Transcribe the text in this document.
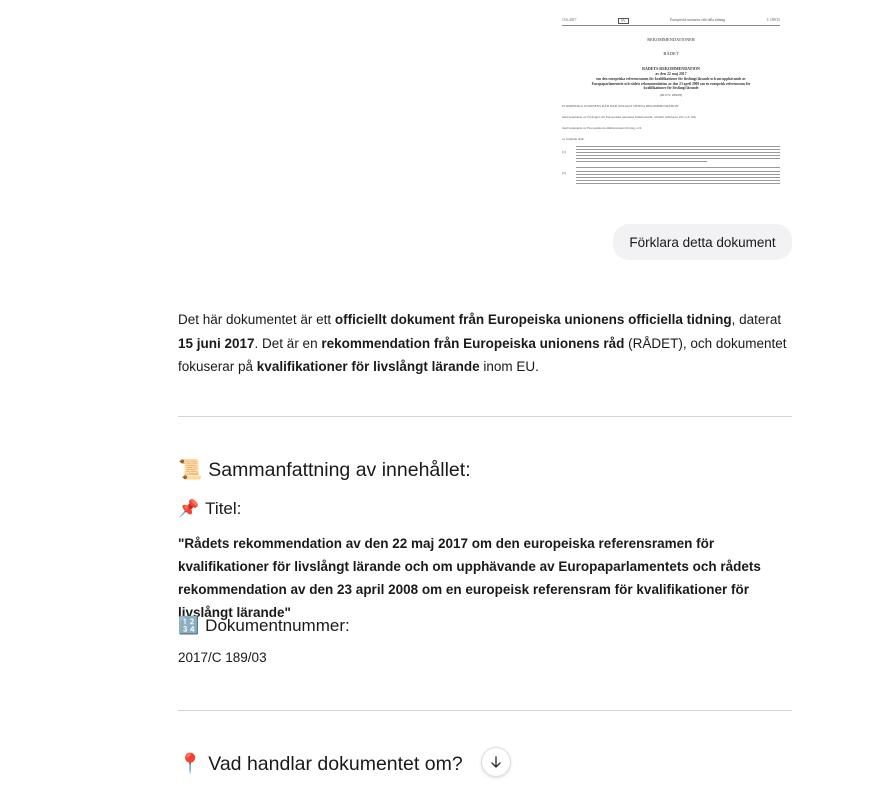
15.6.2017	SV	Europeiska unionens officiella tidning	C 189/15
REKOMMENDATIONER
RÅDET
RÅDETS REKOMMENDATION
av den 22 maj 2017
om den europeiska referensramen för kvalifikationer för livslångt lärande och om upphävande av Europaparlamentets och rådets rekommendation av den 23 april 2008 om en europeisk referensram för kvalifikationer för livslångt lärande
(2017/C 189/03)
EUROPEISKA UNIONENS RÅD HAR ANTAGIT DENNA REKOMMENDATION
med beaktande av fördraget om Europeiska unionens funktionssätt, särskilt artiklarna 165 och 166,
med beaktande av Europeiska kommissionens förslag, och
av följande skäl:
(1)
(2)
Förklara detta dokument
Det här dokumentet är ett officiellt dokument från Europeiska unionens officiella tidning, daterat 15 juni 2017. Det är en rekommendation från Europeiska unionens råd (RÅDET), och dokumentet fokuserar på kvalifikationer för livslångt lärande inom EU.
📜 Sammanfattning av innehållet:
📌 Titel:
"Rådets rekommendation av den 22 maj 2017 om den europeiska referensramen för kvalifikationer för livslångt lärande och om upphävande av Europaparlamentets och rådets rekommendation av den 23 april 2008 om en europeisk referensram för kvalifikationer för livslångt lärande"
🔢 Dokumentnummer:
2017/C 189/03
📍 Vad handlar dokumentet om?
